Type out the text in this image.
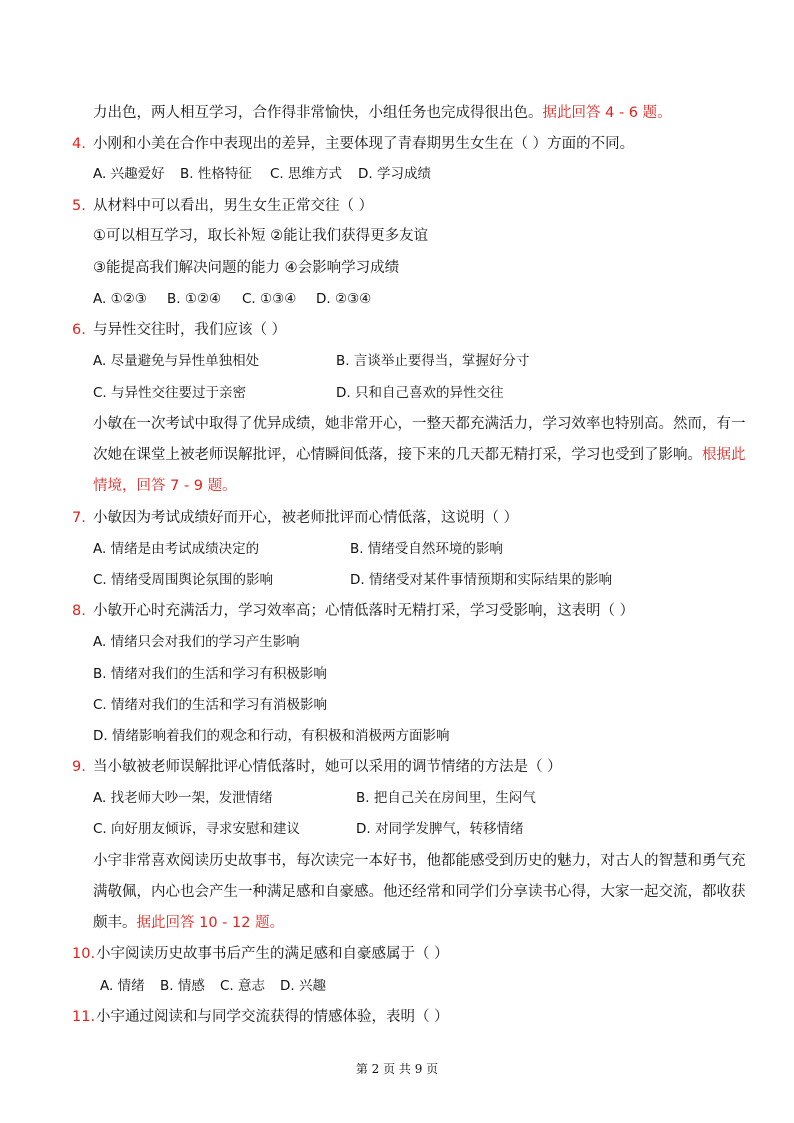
力出色，两人相互学习，合作得非常愉快，小组任务也完成得很出色。据此回答 4 - 6 题。
4. 小刚和小美在合作中表现出的差异，主要体现了青春期男生女生在（ ）方面的不同。
A. 兴趣爱好 B. 性格特征 C. 思维方式 D. 学习成绩
5. 从材料中可以看出，男生女生正常交往（ ）
①可以相互学习，取长补短 ②能让我们获得更多友谊
③能提高我们解决问题的能力 ④会影响学习成绩
A. ①②③ B. ①②④ C. ①③④ D. ②③④
6. 与异性交往时，我们应该（ ）
A. 尽量避免与异性单独相处	B. 言谈举止要得当，掌握好分寸
C. 与异性交往要过于亲密	D. 只和自己喜欢的异性交往
小敏在一次考试中取得了优异成绩，她非常开心，一整天都充满活力，学习效率也特别高。然而，有一
次她在课堂上被老师误解批评，心情瞬间低落，接下来的几天都无精打采，学习也受到了影响。根据此
情境，回答 7 - 9 题。
7. 小敏因为考试成绩好而开心，被老师批评而心情低落，这说明（ ）
A. 情绪是由考试成绩决定的	B. 情绪受自然环境的影响
C. 情绪受周围舆论氛围的影响	D. 情绪受对某件事情预期和实际结果的影响
8. 小敏开心时充满活力，学习效率高；心情低落时无精打采，学习受影响，这表明（ ）
A. 情绪只会对我们的学习产生影响
B. 情绪对我们的生活和学习有积极影响
C. 情绪对我们的生活和学习有消极影响
D. 情绪影响着我们的观念和行动，有积极和消极两方面影响
9. 当小敏被老师误解批评心情低落时，她可以采用的调节情绪的方法是（ ）
A. 找老师大吵一架，发泄情绪	B. 把自己关在房间里，生闷气
C. 向好朋友倾诉，寻求安慰和建议	D. 对同学发脾气，转移情绪
小宇非常喜欢阅读历史故事书，每次读完一本好书，他都能感受到历史的魅力，对古人的智慧和勇气充
满敬佩，内心也会产生一种满足感和自豪感。他还经常和同学们分享读书心得，大家一起交流，都收获
颇丰。据此回答 10 - 12 题。
10. 小宇阅读历史故事书后产生的满足感和自豪感属于（ ）
A. 情绪 B. 情感 C. 意志 D. 兴趣
11. 小宇通过阅读和与同学交流获得的情感体验，表明（ ）
第 2 页 共 9 页
